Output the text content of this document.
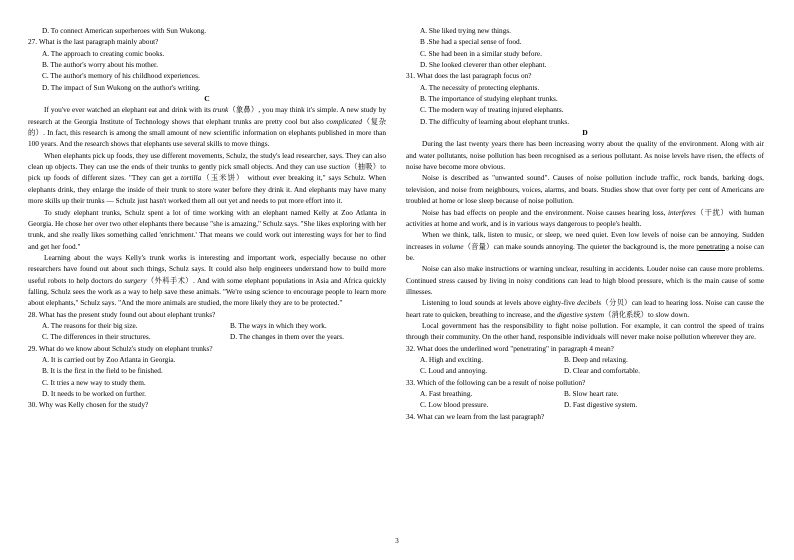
D. To connect American superheroes with Sun Wukong.
27. What is the last paragraph mainly about?
A. The approach to creating comic books.
B. The author's worry about his mother.
C. The author's memory of his childhood experiences.
D. The impact of Sun Wukong on the author's writing.
C
If you've ever watched an elephant eat and drink with its trunk（象鼻）, you may think it's simple. A new study by research at the Georgia Institute of Technology shows that elephant trunks are pretty cool but also complicated（复杂的）. In fact, this research is among the small amount of new scientific information on elephants published in more than 100 years. And the research shows that elephants use several skills to move things.
When elephants pick up foods, they use different movements, Schulz, the study's lead researcher, says. They can also clean up objects. They can use the ends of their trunks to gently pick small objects. And they can use suction（抽吸）to pick up foods of different sizes. "They can get a tortilla（玉米饼） without ever breaking it," says Schulz. When elephants drink, they enlarge the inside of their trunk to store water before they drink it. And elephants may have many more skills up their trunks — Schulz just hasn't worked them all out yet and needs to put more effort into it.
To study elephant trunks, Schulz spent a lot of time working with an elephant named Kelly at Zoo Atlanta in Georgia. He chose her over two other elephants there because "she is amazing," Schulz says. "She likes exploring with her trunk, and she really likes something called 'enrichment.' That means we could work out interesting ways for her to find and get her food."
Learning about the ways Kelly's trunk works is interesting and important work, especially because no other researchers have found out about such things, Schulz says. It could also help engineers understand how to build more useful robots to help doctors do surgery（外科手术）. And with some elephant populations in Asia and Africa quickly falling, Schulz sees the work as a way to help save these animals. "We're using science to encourage people to learn more about elephants," Schulz says. "And the more animals are studied, the more likely they are to be protected."
28. What has the present study found out about elephant trunks?
A. The reasons for their big size.	B. The ways in which they work.
C. The differences in their structures.	D. The changes in them over the years.
29. What do we know about Schulz's study on elephant trunks?
A. It is carried out by Zoo Atlanta in Georgia.
B. It is the first in the field to be finished.
C. It tries a new way to study them.
D. It needs to be worked on further.
30. Why was Kelly chosen for the study?
A. She liked trying new things.
B .She had a special sense of food.
C. She had been in a similar study before.
D. She looked cleverer than other elephant.
31. What does the last paragraph focus on?
A. The necessity of protecting elephants.
B. The importance of studying elephant trunks.
C. The modern way of treating injured elephants.
D. The difficulty of learning about elephant trunks.
D
During the last twenty years there has been increasing worry about the quality of the environment. Along with air and water pollutants, noise pollution has been recognised as a serious pollutant. As noise levels have risen, the effects of noise have become more obvious.
Noise is described as "unwanted sound". Causes of noise pollution include traffic, rock bands, barking dogs, television, and noise from neighbours, voices, alarms, and boats. Studies show that over forty per cent of Americans are troubled at home or lose sleep because of noise pollution.
Noise has bad effects on people and the environment. Noise causes hearing loss, interferes（干扰）with human activities at home and work, and is in various ways dangerous to people's health.
When we think, talk, listen to music, or sleep, we need quiet. Even low levels of noise can be annoying. Sudden increases in volume（音量）can make sounds annoying. The quieter the background is, the more penetrating a noise can be.
Noise can also make instructions or warning unclear, resulting in accidents. Louder noise can cause more problems. Continued stress caused by living in noisy conditions can lead to high blood pressure, which is the main cause of some illnesses.
Listening to loud sounds at levels above eighty-five decibels（分贝）can lead to hearing loss. Noise can cause the heart rate to quicken, breathing to increase, and the digestive system（消化系统）to slow down.
Local government has the responsibility to fight noise pollution. For example, it can control the speed of trains through their community. On the other hand, responsible individuals will never make noise pollution wherever they are.
32. What does the underlined word "penetrating" in paragraph 4 mean?
A. High and exciting.	B. Deep and relaxing.
C. Loud and annoying.	D. Clear and comfortable.
33. Which of the following can be a result of noise pollution?
A. Fast breathing.	B. Slow heart rate.
C. Low blood pressure.	D. Fast digestive system.
34. What can we learn from the last paragraph?
3
